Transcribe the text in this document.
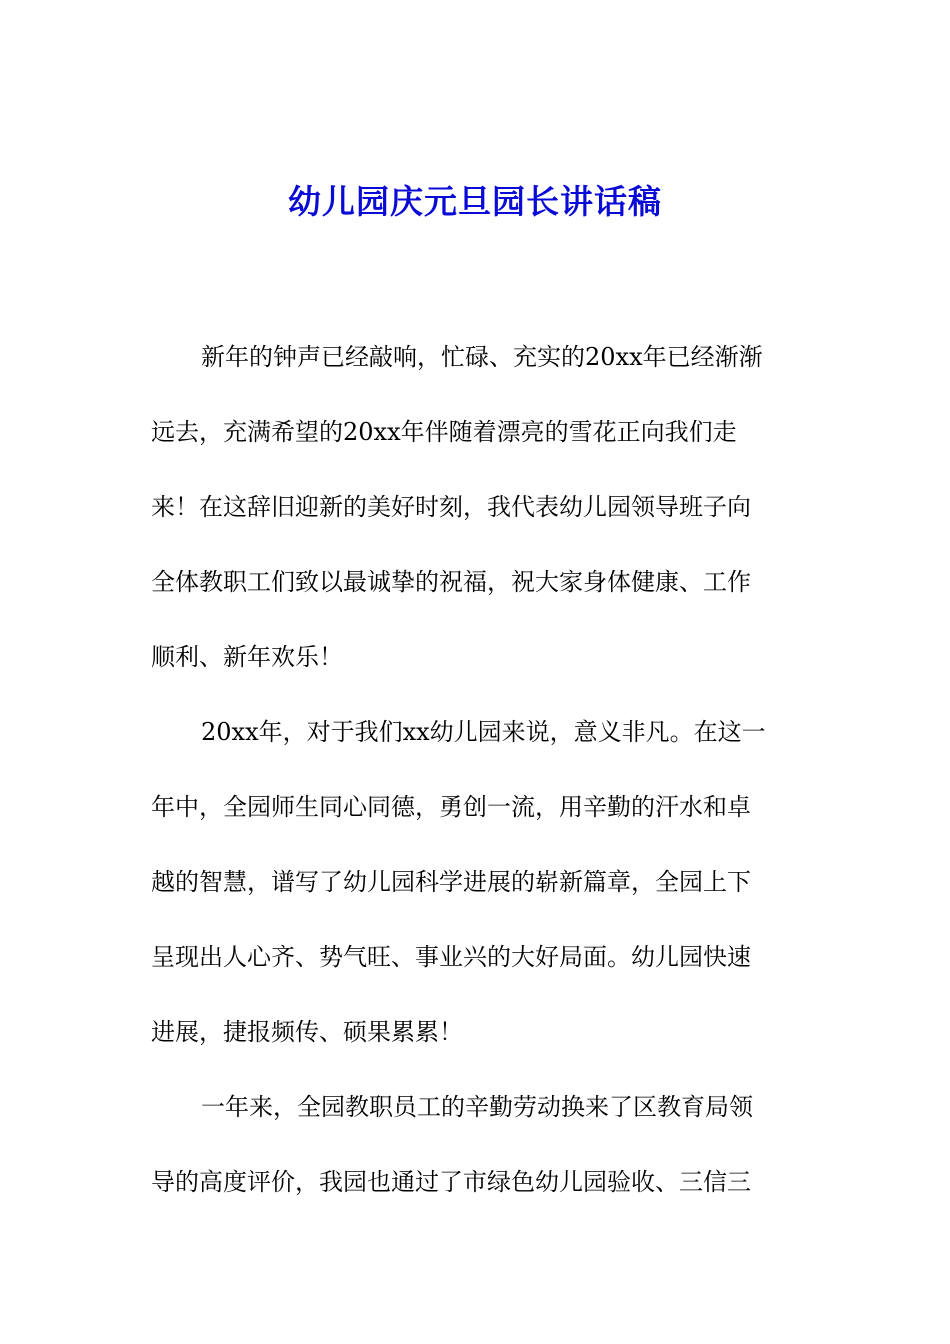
幼儿园庆元旦园长讲话稿
新年的钟声已经敲响，忙碌、充实的20xx年已经渐渐
远去，充满希望的20xx年伴随着漂亮的雪花正向我们走
来！在这辞旧迎新的美好时刻，我代表幼儿园领导班子向
全体教职工们致以最诚挚的祝福，祝大家身体健康、工作
顺利、新年欢乐！
20xx年，对于我们xx幼儿园来说，意义非凡。在这一
年中，全园师生同心同德，勇创一流，用辛勤的汗水和卓
越的智慧，谱写了幼儿园科学进展的崭新篇章，全园上下
呈现出人心齐、势气旺、事业兴的大好局面。幼儿园快速
进展，捷报频传、硕果累累！
一年来，全园教职员工的辛勤劳动换来了区教育局领
导的高度评价，我园也通过了市绿色幼儿园验收、三信三
